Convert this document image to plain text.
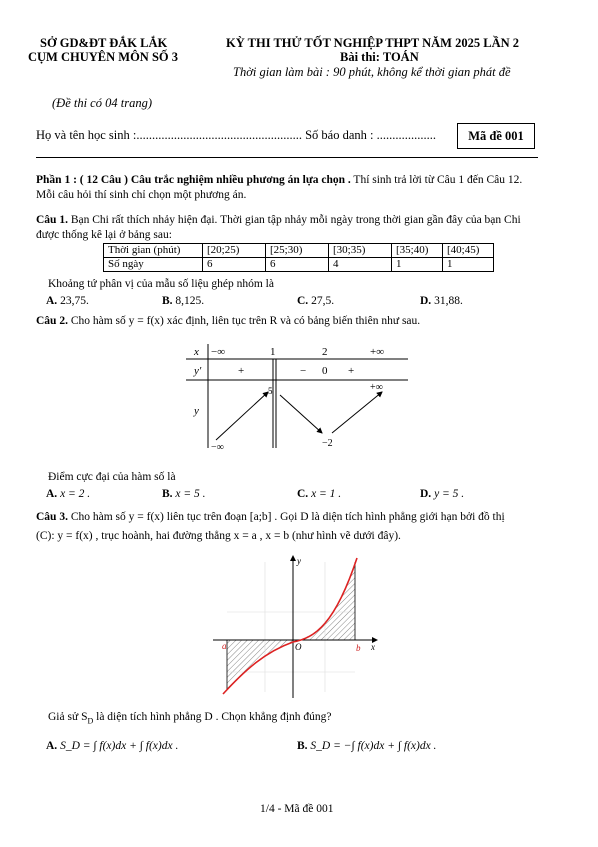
SỞ GD&ĐT ĐẮK LẮK
CỤM CHUYÊN MÔN SỐ 3
KỲ THI THỬ TỐT NGHIỆP THPT NĂM 2025 LẦN 2
Bài thi: TOÁN
Thời gian làm bài : 90 phút, không kể thời gian phát đề
(Đề thi có 04 trang)
Họ và tên học sinh :..................................................... Số báo danh : ...................	Mã đề 001
Phần 1 : ( 12 Câu ) Câu trắc nghiệm nhiều phương án lựa chọn . Thí sinh trả lời từ Câu 1 đến Câu 12.
Mỗi câu hỏi thí sinh chỉ chọn một phương án.
Câu 1. Bạn Chi rất thích nhảy hiện đại. Thời gian tập nhảy mỗi ngày trong thời gian gần đây của bạn Chi
được thống kê lại ở bảng sau:
Thời gian (phút)	[20;25)	[25;30)	[30;35)	[35;40)	[40;45)
Số ngày	6	6	4	1	1
Khoảng tứ phân vị của mẫu số liệu ghép nhóm là
A. 23,75.	B. 8,125.	C. 27,5.	D. 31,88.
Câu 2. Cho hàm số y = f(x) xác định, liên tục trên R và có bảng biến thiên như sau.
x
y′
y
−∞	1	2	+∞
+	− 0 +
5	+∞
−∞	−2
Điểm cực đại của hàm số là
A. x = 2 .	B. x = 5 .	C. x = 1 .	D. y = 5 .
Câu 3. Cho hàm số y = f(x) liên tục trên đoạn [a;b] . Gọi D là diện tích hình phẳng giới hạn bởi đồ thị
(C): y = f(x) , trục hoành, hai đường thẳng x = a , x = b (như hình vẽ dưới đây).
y
x
O
a	b
Giả sử $S_D$ là diện tích hình phẳng D . Chọn khẳng định đúng?
A. S_D = ∫ f(x)dx + ∫ f(x)dx .	B. S_D = −∫ f(x)dx + ∫ f(x)dx .
1/4 - Mã đề 001
